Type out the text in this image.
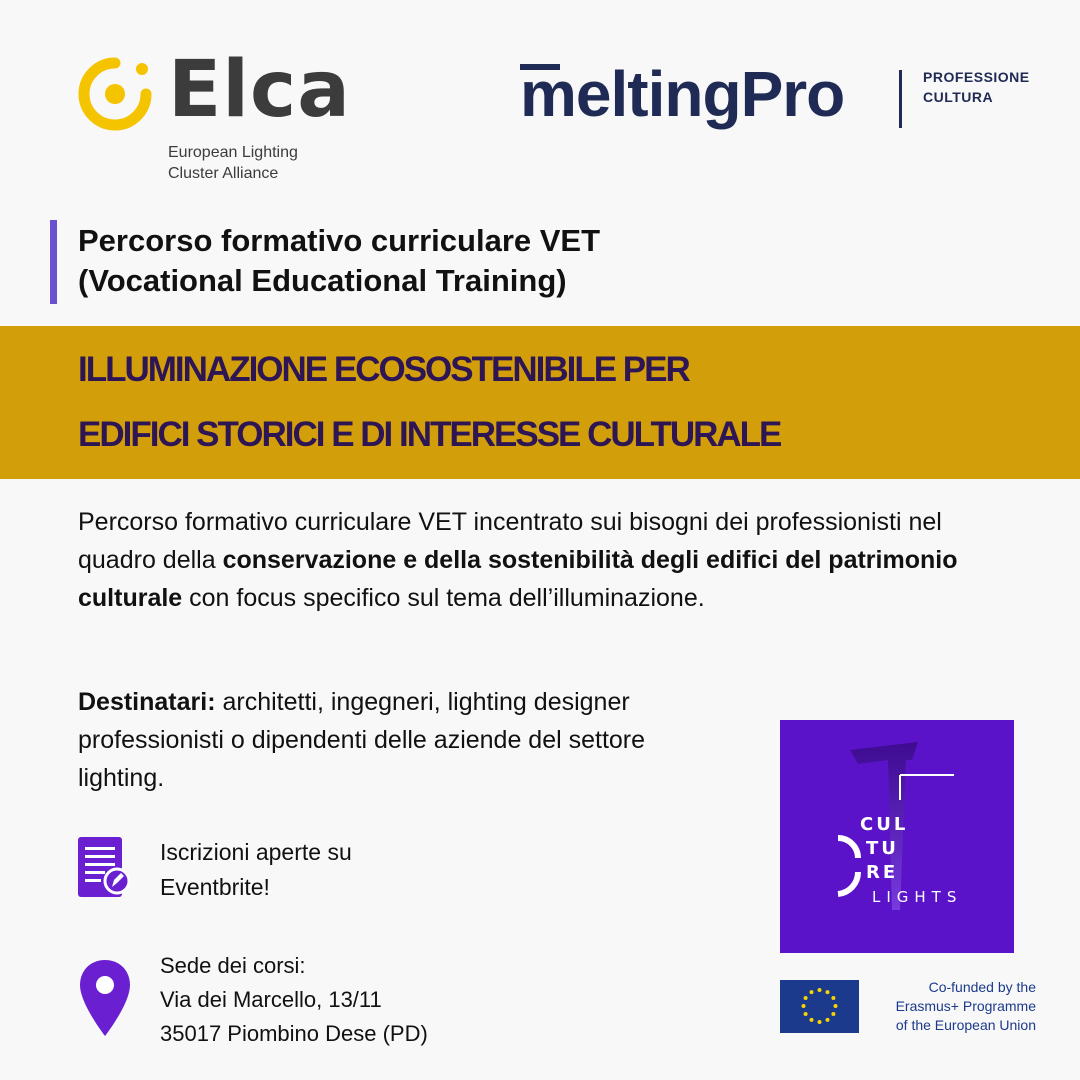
Elca
European Lighting
Cluster Alliance
meltingPro	PROFESSIONE
CULTURA
Percorso formativo curriculare VET
(Vocational Educational Training)
ILLUMINAZIONE ECOSOSTENIBILE PER
EDIFICI STORICI E DI INTERESSE CULTURALE

Percorso formativo curriculare VET incentrato sui bisogni dei professionisti nel quadro della conservazione e della sostenibilità degli edifici del patrimonio culturale con focus specifico sul tema dell’illuminazione.

Destinatari: architetti, ingegneri, lighting designer professionisti o dipendenti delle aziende del settore lighting.

Iscrizioni aperte su
Eventbrite!
Sede dei corsi:
Via dei Marcello, 13/11
35017 Piombino Dese (PD)
CUL
TU
RE
LIGHTS
Co-funded by the
Erasmus+ Programme
of the European Union
